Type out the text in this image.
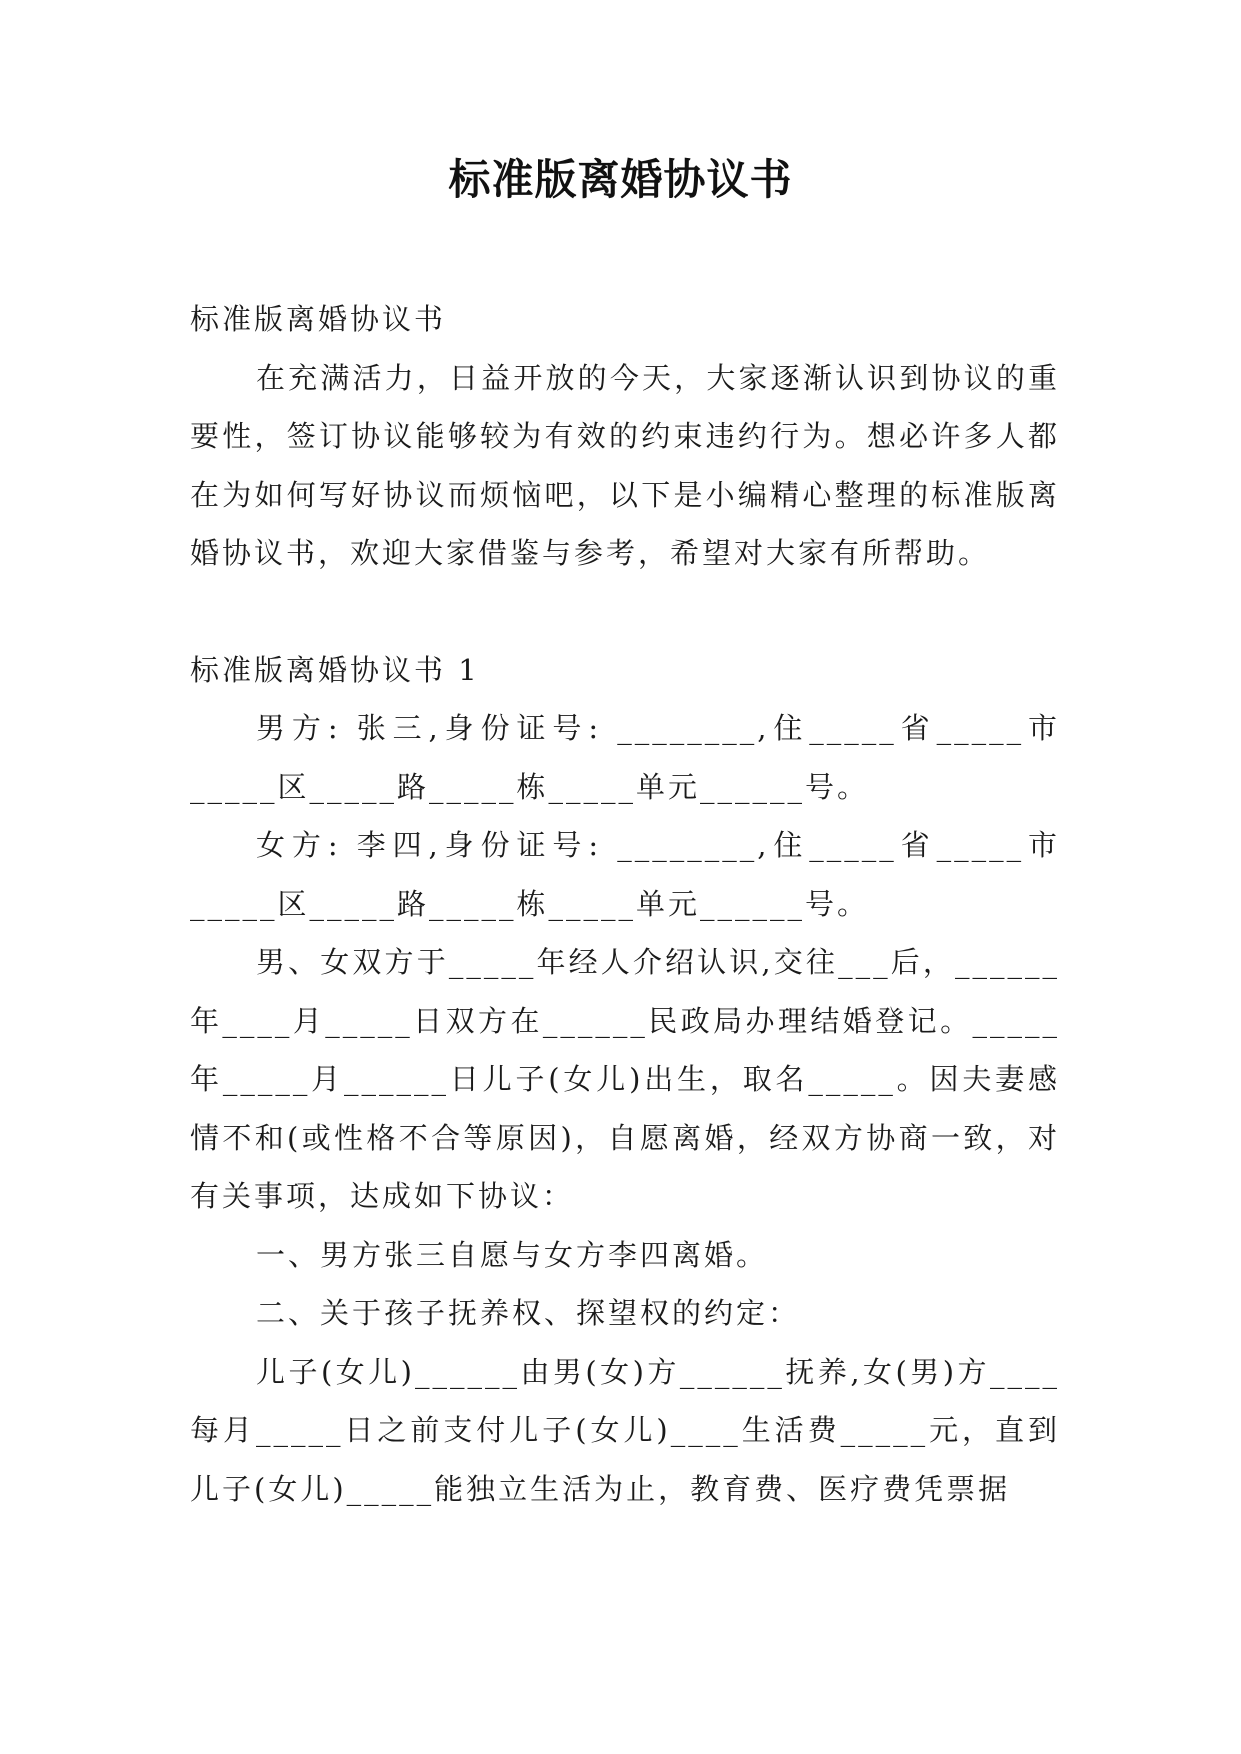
标准版离婚协议书

标准版离婚协议书

在充满活力，日益开放的今天，大家逐渐认识到协议的重要性，签订协议能够较为有效的约束违约行为。想必许多人都在为如何写好协议而烦恼吧，以下是小编精心整理的标准版离婚协议书，欢迎大家借鉴与参考，希望对大家有所帮助。

标准版离婚协议书 1

男方: 张三,身份证号: ________,住_____省_____市_____区_____路_____栋_____单元______号。

女方: 李四,身份证号: ________,住_____省_____市_____区_____路_____栋_____单元______号。

男、女双方于_____年经人介绍认识,交往___后，______年____月_____日双方在______民政局办理结婚登记。_____年_____月______日儿子(女儿)出生，取名_____。因夫妻感情不和(或性格不合等原因)，自愿离婚，经双方协商一致，对有关事项，达成如下协议：

一、男方张三自愿与女方李四离婚。

二、关于孩子抚养权、探望权的约定：

儿子(女儿)______由男(女)方______抚养,女(男)方____每月_____日之前支付儿子(女儿)____生活费_____元，直到儿子(女儿)_____能独立生活为止，教育费、医疗费凭票据
